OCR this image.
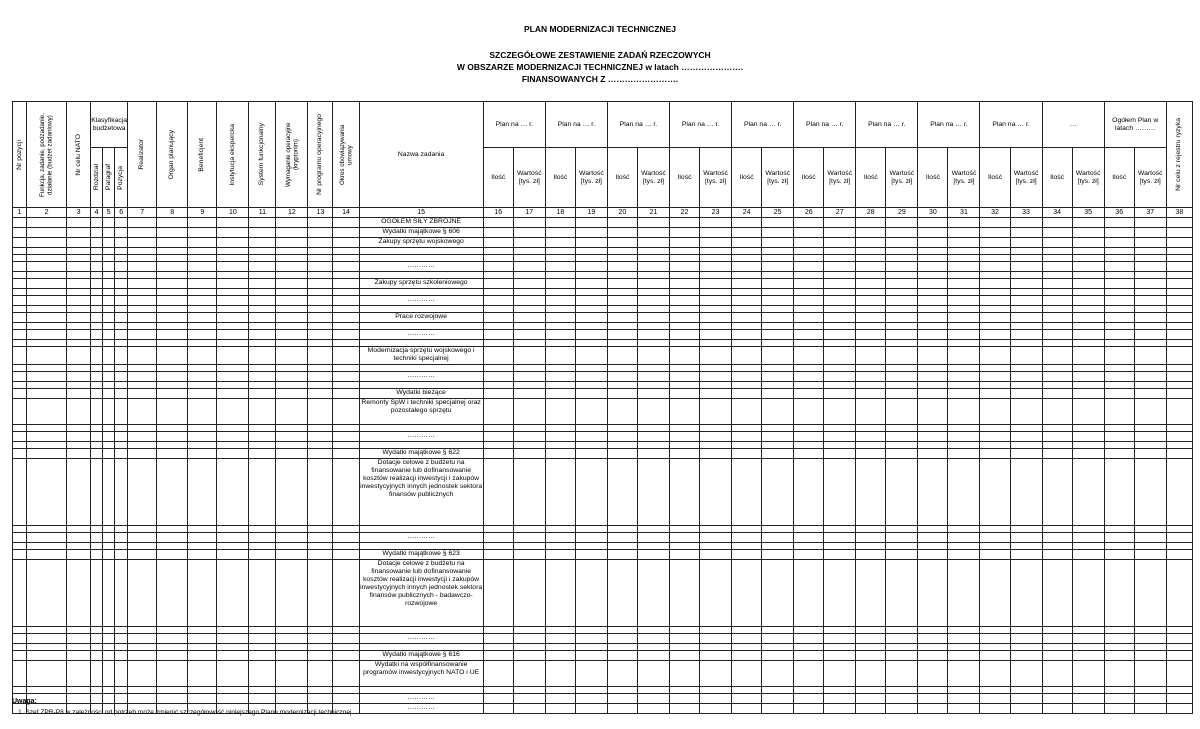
PLAN MODERNIZACJI TECHNICZNEJ
SZCZEGÓŁOWE ZESTAWIENIE ZADAŃ RZECZOWYCH
W OBSZARZE MODERNIZACJI TECHNICZNEJ w latach ………………….
FINANSOWANYCH Z …………………….
Nr pozycji	Funkcja, zadanie, podzadanie, działanie (budżet zadaniowy)	Nr celu NATO	Klasyfikacja budżetowa			Realizator	Organ planujący	Beneficjent	Instytucja ekspercka	System funkcjonalny	Wymaganie operacyjne (kryptonim)	Nr programu operacyjnego	Okres obowiązywania umowy	Nazwa zadania	Plan na … r.		Plan na … r.		Plan na … r.		Plan na … r.		Plan na … r.		Plan na … r.		Plan na … r.		Plan na … r.		Plan na … r.		…		Ogółem Plan w latach ………		Nr celu z rejestru ryzyka

			Rozdział	Paragraf	Pozycja										Ilość	Wartość [tys. zł]	Ilość	Wartość [tys. zł]	Ilość	Wartość [tys. zł]	Ilość	Wartość [tys. zł]	Ilość	Wartość [tys. zł]	Ilość	Wartość [tys. zł]	Ilość	Wartość [tys. zł]	Ilość	Wartość [tys. zł]	Ilość	Wartość [tys. zł]	Ilość	Wartość [tys. zł]	Ilość	Wartość [tys. zł]	
1	2	3	4	5	6	7	8	9	10	11	12	13	14	15	16	17	18	19	20	21	22	23	24	25	26	27	28	29	30	31	32	33	34	35	36	37	38
														OGÓŁEM SIŁY ZBROJNE																							
														Wydatki majątkowe § 606																							
														Zakupy sprzętu wojskowego																							

														…………																							

														Zakupy sprzętu szkoleniowego																							

														…………																							

														Prace rozwojowe																							

														…………																							

														Modernizacja sprzętu wojskowego i techniki specjalnej																							

														…………																							

														Wydatki bieżące																							
														Remonty SpW i techniki specjalnej oraz pozostałego sprzętu																							

														…………																							

														Wydatki majątkowe § 622																							
														Dotacje celowe z budżetu na finansowanie lub dofinansowanie kosztów realizacji inwestycji i zakupów inwestycyjnych innych jednostek sektora finansów publicznych																							

														…………																							

														Wydatki majątkowe § 623																							
														Dotacje celowe z budżetu na finansowanie lub dofinansowanie kosztów realizacji inwestycji i zakupów inwestycyjnych innych jednostek sektora finansów publicznych - badawczo-rozwojowe																							

														…………																							

														Wydatki majątkowe § 616																							
														Wydatki na współfinansowanie programów inwestycyjnych NATO i UE																							

														…………																							
														…………																							
Uwaga:
1. Szef ZPR-P8 w zależności od potrzeb może zmienić szczegółowość niniejszego Planu modernizacji technicznej
